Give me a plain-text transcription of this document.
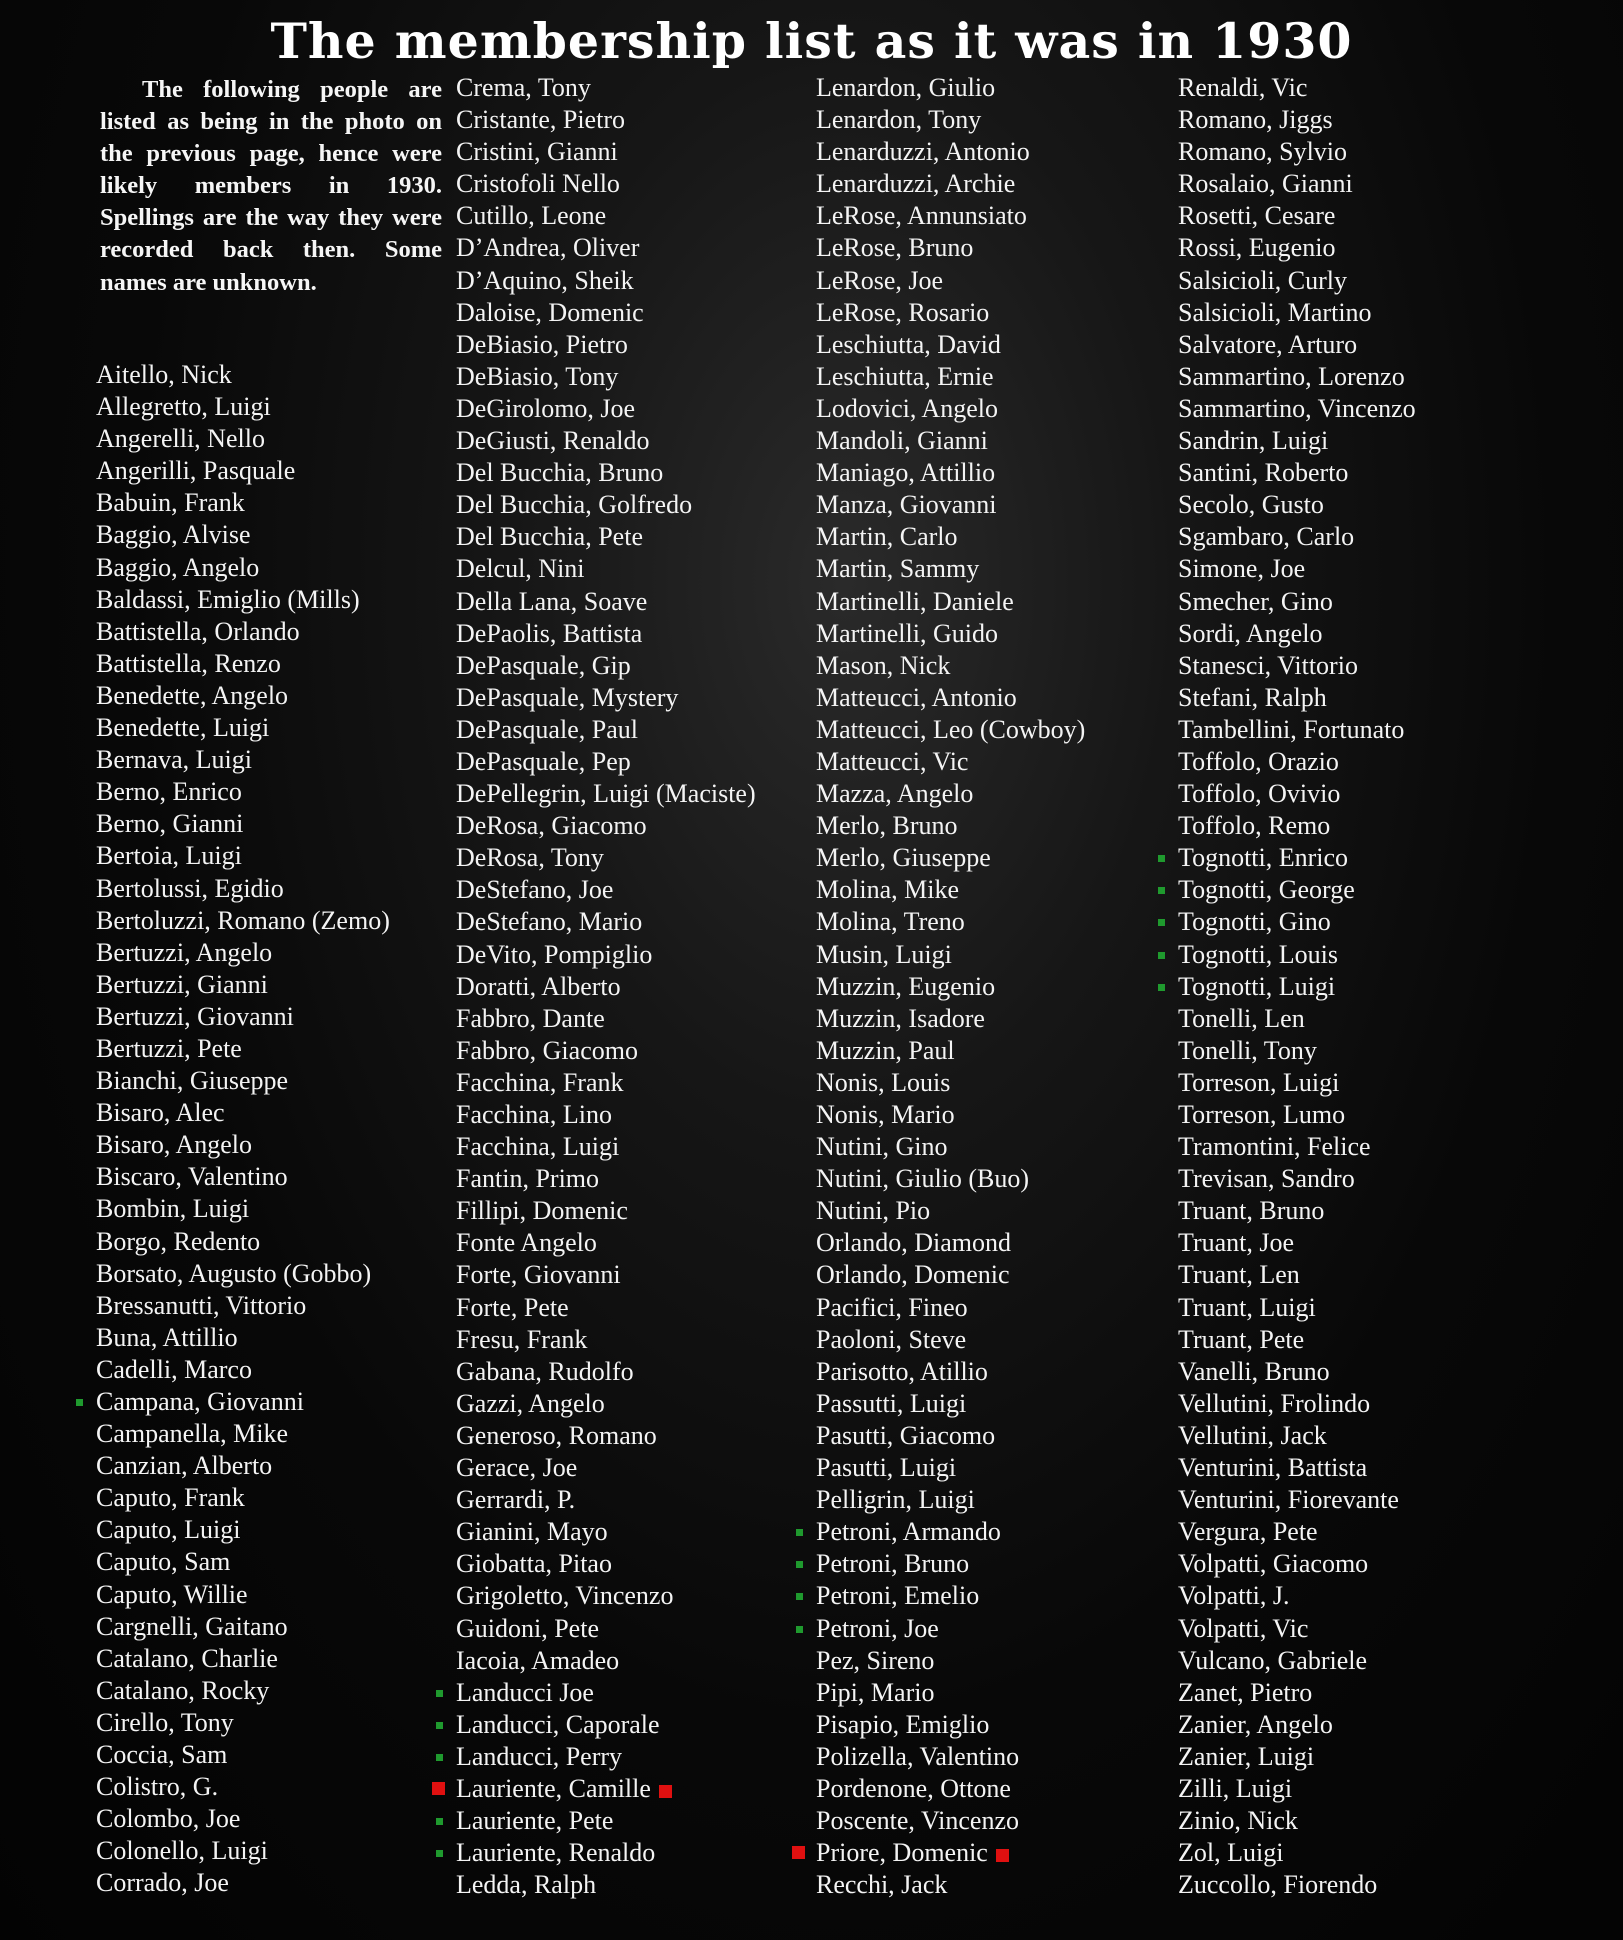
The membership list as it was in 1930

The following people are listed as being in the photo on the previous page, hence were likely members in 1930. Spellings are the way they were recorded back then. Some names are unknown.

Aitello, Nick
Allegretto, Luigi
Angerelli, Nello
Angerilli, Pasquale
Babuin, Frank
Baggio, Alvise
Baggio, Angelo
Baldassi, Emiglio (Mills)
Battistella, Orlando
Battistella, Renzo
Benedette, Angelo
Benedette, Luigi
Bernava, Luigi
Berno, Enrico
Berno, Gianni
Bertoia, Luigi
Bertolussi, Egidio
Bertoluzzi, Romano (Zemo)
Bertuzzi, Angelo
Bertuzzi, Gianni
Bertuzzi, Giovanni
Bertuzzi, Pete
Bianchi, Giuseppe
Bisaro, Alec
Bisaro, Angelo
Biscaro, Valentino
Bombin, Luigi
Borgo, Redento
Borsato, Augusto (Gobbo)
Bressanutti, Vittorio
Buna, Attillio
Cadelli, Marco
Campana, Giovanni
Campanella, Mike
Canzian, Alberto
Caputo, Frank
Caputo, Luigi
Caputo, Sam
Caputo, Willie
Cargnelli, Gaitano
Catalano, Charlie
Catalano, Rocky
Cirello, Tony
Coccia, Sam
Colistro, G.
Colombo, Joe
Colonello, Luigi
Corrado, Joe
Crema, Tony
Cristante, Pietro
Cristini, Gianni
Cristofoli Nello
Cutillo, Leone
D’Andrea, Oliver
D’Aquino, Sheik
Daloise, Domenic
DeBiasio, Pietro
DeBiasio, Tony
DeGirolomo, Joe
DeGiusti, Renaldo
Del Bucchia, Bruno
Del Bucchia, Golfredo
Del Bucchia, Pete
Delcul, Nini
Della Lana, Soave
DePaolis, Battista
DePasquale, Gip
DePasquale, Mystery
DePasquale, Paul
DePasquale, Pep
DePellegrin, Luigi (Maciste)
DeRosa, Giacomo
DeRosa, Tony
DeStefano, Joe
DeStefano, Mario
DeVito, Pompiglio
Doratti, Alberto
Fabbro, Dante
Fabbro, Giacomo
Facchina, Frank
Facchina, Lino
Facchina, Luigi
Fantin, Primo
Fillipi, Domenic
Fonte Angelo
Forte, Giovanni
Forte, Pete
Fresu, Frank
Gabana, Rudolfo
Gazzi, Angelo
Generoso, Romano
Gerace, Joe
Gerrardi, P.
Gianini, Mayo
Giobatta, Pitao
Grigoletto, Vincenzo
Guidoni, Pete
Iacoia, Amadeo
Landucci Joe
Landucci, Caporale
Landucci, Perry
Lauriente, Camille
Lauriente, Pete
Lauriente, Renaldo
Ledda, Ralph
Lenardon, Giulio
Lenardon, Tony
Lenarduzzi, Antonio
Lenarduzzi, Archie
LeRose, Annunsiato
LeRose, Bruno
LeRose, Joe
LeRose, Rosario
Leschiutta, David
Leschiutta, Ernie
Lodovici, Angelo
Mandoli, Gianni
Maniago, Attillio
Manza, Giovanni
Martin, Carlo
Martin, Sammy
Martinelli, Daniele
Martinelli, Guido
Mason, Nick
Matteucci, Antonio
Matteucci, Leo (Cowboy)
Matteucci, Vic
Mazza, Angelo
Merlo, Bruno
Merlo, Giuseppe
Molina, Mike
Molina, Treno
Musin, Luigi
Muzzin, Eugenio
Muzzin, Isadore
Muzzin, Paul
Nonis, Louis
Nonis, Mario
Nutini, Gino
Nutini, Giulio (Buo)
Nutini, Pio
Orlando, Diamond
Orlando, Domenic
Pacifici, Fineo
Paoloni, Steve
Parisotto, Atillio
Passutti, Luigi
Pasutti, Giacomo
Pasutti, Luigi
Pelligrin, Luigi
Petroni, Armando
Petroni, Bruno
Petroni, Emelio
Petroni, Joe
Pez, Sireno
Pipi, Mario
Pisapio, Emiglio
Polizella, Valentino
Pordenone, Ottone
Poscente, Vincenzo
Priore, Domenic
Recchi, Jack
Renaldi, Vic
Romano, Jiggs
Romano, Sylvio
Rosalaio, Gianni
Rosetti, Cesare
Rossi, Eugenio
Salsicioli, Curly
Salsicioli, Martino
Salvatore, Arturo
Sammartino, Lorenzo
Sammartino, Vincenzo
Sandrin, Luigi
Santini, Roberto
Secolo, Gusto
Sgambaro, Carlo
Simone, Joe
Smecher, Gino
Sordi, Angelo
Stanesci, Vittorio
Stefani, Ralph
Tambellini, Fortunato
Toffolo, Orazio
Toffolo, Ovivio
Toffolo, Remo
Tognotti, Enrico
Tognotti, George
Tognotti, Gino
Tognotti, Louis
Tognotti, Luigi
Tonelli, Len
Tonelli, Tony
Torreson, Luigi
Torreson, Lumo
Tramontini, Felice
Trevisan, Sandro
Truant, Bruno
Truant, Joe
Truant, Len
Truant, Luigi
Truant, Pete
Vanelli, Bruno
Vellutini, Frolindo
Vellutini, Jack
Venturini, Battista
Venturini, Fiorevante
Vergura, Pete
Volpatti, Giacomo
Volpatti, J.
Volpatti, Vic
Vulcano, Gabriele
Zanet, Pietro
Zanier, Angelo
Zanier, Luigi
Zilli, Luigi
Zinio, Nick
Zol, Luigi
Zuccollo, Fiorendo
